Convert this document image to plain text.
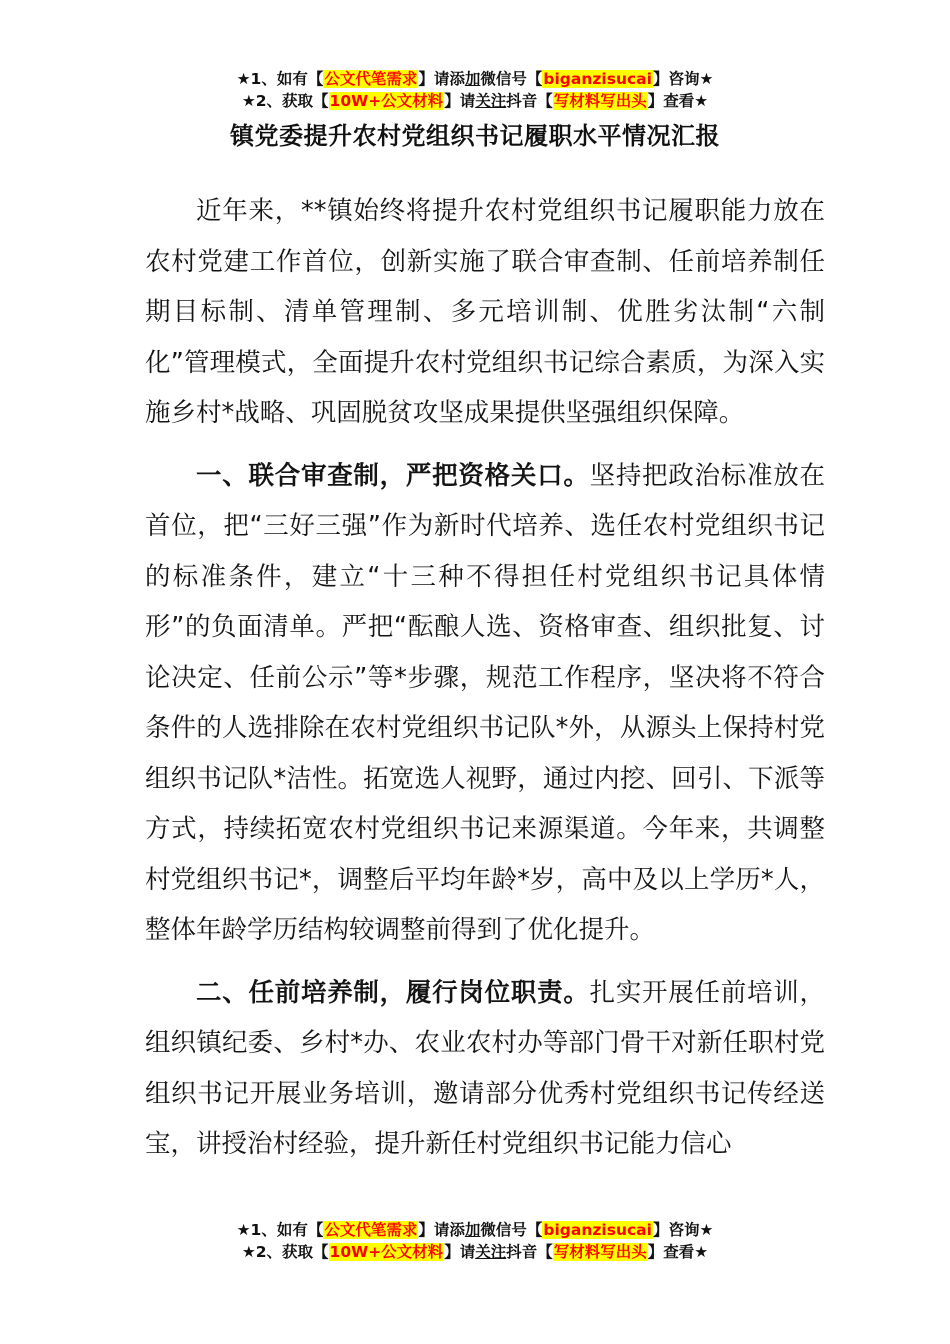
★1、如有【公文代笔需求】请添加微信号【biganzisucai】咨询★
★2、获取【10W+公文材料】请关注抖音【写材料写出头】查看★
镇党委提升农村党组织书记履职水平情况汇报

近年来，**镇始终将提升农村党组织书记履职能力放在农村党建工作首位，创新实施了联合审查制、任前培养制任期目标制、清单管理制、多元培训制、优胜劣汰制“六制化”管理模式，全面提升农村党组织书记综合素质，为深入实施乡村*战略、巩固脱贫攻坚成果提供坚强组织保障。

一、联合审查制，严把资格关口。坚持把政治标准放在首位，把“三好三强”作为新时代培养、选任农村党组织书记的标准条件，建立“十三种不得担任村党组织书记具体情形”的负面清单。严把“酝酿人选、资格审查、组织批复、讨论决定、任前公示”等*步骤，规范工作程序，坚决将不符合条件的人选排除在农村党组织书记队*外，从源头上保持村党组织书记队*洁性。拓宽选人视野，通过内挖、回引、下派等方式，持续拓宽农村党组织书记来源渠道。今年来，共调整村党组织书记*，调整后平均年龄*岁，高中及以上学历*人，整体年龄学历结构较调整前得到了优化提升。

二、任前培养制，履行岗位职责。扎实开展任前培训，组织镇纪委、乡村*办、农业农村办等部门骨干对新任职村党组织书记开展业务培训，邀请部分优秀村党组织书记传经送宝，讲授治村经验，提升新任村党组织书记能力信心

★1、如有【公文代笔需求】请添加微信号【biganzisucai】咨询★
★2、获取【10W+公文材料】请关注抖音【写材料写出头】查看★
